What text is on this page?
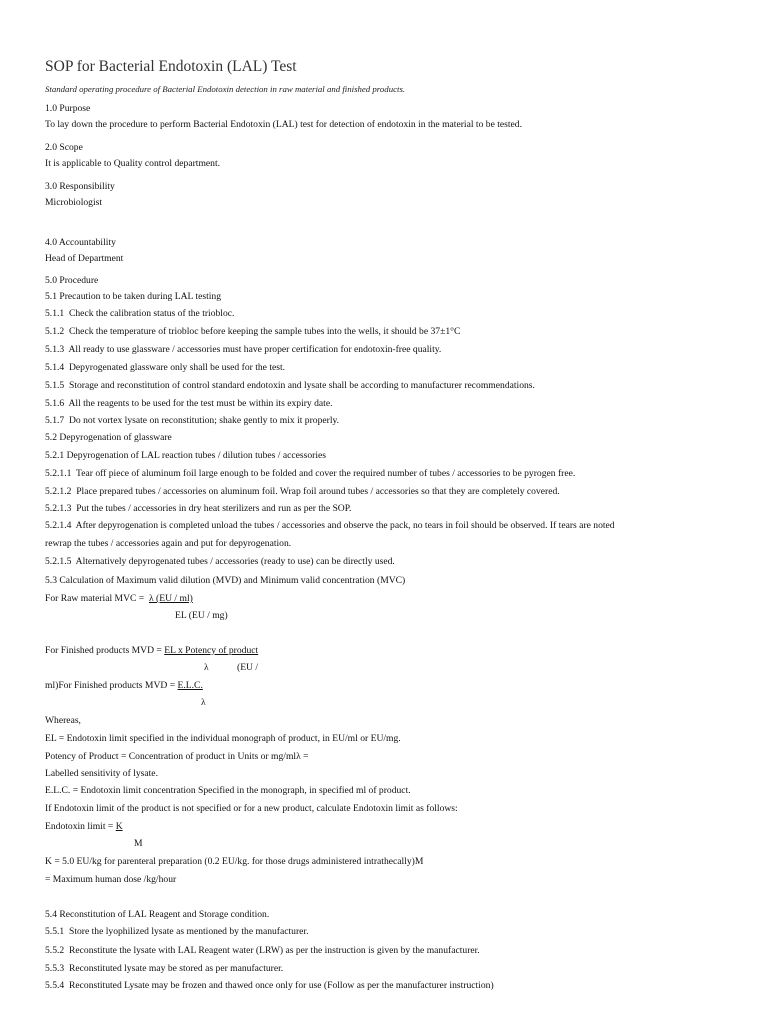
SOP for Bacterial Endotoxin (LAL) Test
Standard operating procedure of Bacterial Endotoxin detection in raw material and finished products.
1.0 Purpose
To lay down the procedure to perform Bacterial Endotoxin (LAL) test for detection of endotoxin in the material to be tested.
2.0 Scope
It is applicable to Quality control department.
3.0 Responsibility
Microbiologist
4.0 Accountability
Head of Department
5.0 Procedure
5.1 Precaution to be taken during LAL testing
5.1.1 Check the calibration status of the triobloc.
5.1.2 Check the temperature of triobloc before keeping the sample tubes into the wells, it should be 37±1°C
5.1.3 All ready to use glassware / accessories must have proper certification for endotoxin-free quality.
5.1.4 Depyrogenated glassware only shall be used for the test.
5.1.5 Storage and reconstitution of control standard endotoxin and lysate shall be according to manufacturer recommendations.
5.1.6 All the reagents to be used for the test must be within its expiry date.
5.1.7 Do not vortex lysate on reconstitution; shake gently to mix it properly.
5.2 Depyrogenation of glassware
5.2.1 Depyrogenation of LAL reaction tubes / dilution tubes / accessories
5.2.1.1 Tear off piece of aluminum foil large enough to be folded and cover the required number of tubes / accessories to be pyrogen free.
5.2.1.2 Place prepared tubes / accessories on aluminum foil. Wrap foil around tubes / accessories so that they are completely covered.
5.2.1.3 Put the tubes / accessories in dry heat sterilizers and run as per the SOP.
5.2.1.4 After depyrogenation is completed unload the tubes / accessories and observe the pack, no tears in foil should be observed. If tears are noted
rewrap the tubes / accessories again and put for depyrogenation.
5.2.1.5 Alternatively depyrogenated tubes / accessories (ready to use) can be directly used.
5.3 Calculation of Maximum valid dilution (MVD) and Minimum valid concentration (MVC)
For Raw material MVC = λ (EU / ml)
EL (EU / mg)
For Finished products MVD = EL x Potency of product
λ	(EU /
ml)For Finished products MVD = E.L.C.
λ
Whereas,
EL = Endotoxin limit specified in the individual monograph of product, in EU/ml or EU/mg.
Potency of Product = Concentration of product in Units or mg/mlλ =
Labelled sensitivity of lysate.
E.L.C. = Endotoxin limit concentration Specified in the monograph, in specified ml of product.
If Endotoxin limit of the product is not specified or for a new product, calculate Endotoxin limit as follows:
Endotoxin limit = K
M
K = 5.0 EU/kg for parenteral preparation (0.2 EU/kg. for those drugs administered intrathecally)M
= Maximum human dose /kg/hour
5.4 Reconstitution of LAL Reagent and Storage condition.
5.5.1 Store the lyophilized lysate as mentioned by the manufacturer.
5.5.2 Reconstitute the lysate with LAL Reagent water (LRW) as per the instruction is given by the manufacturer.
5.5.3 Reconstituted lysate may be stored as per manufacturer.
5.5.4 Reconstituted Lysate may be frozen and thawed once only for use (Follow as per the manufacturer instruction)
